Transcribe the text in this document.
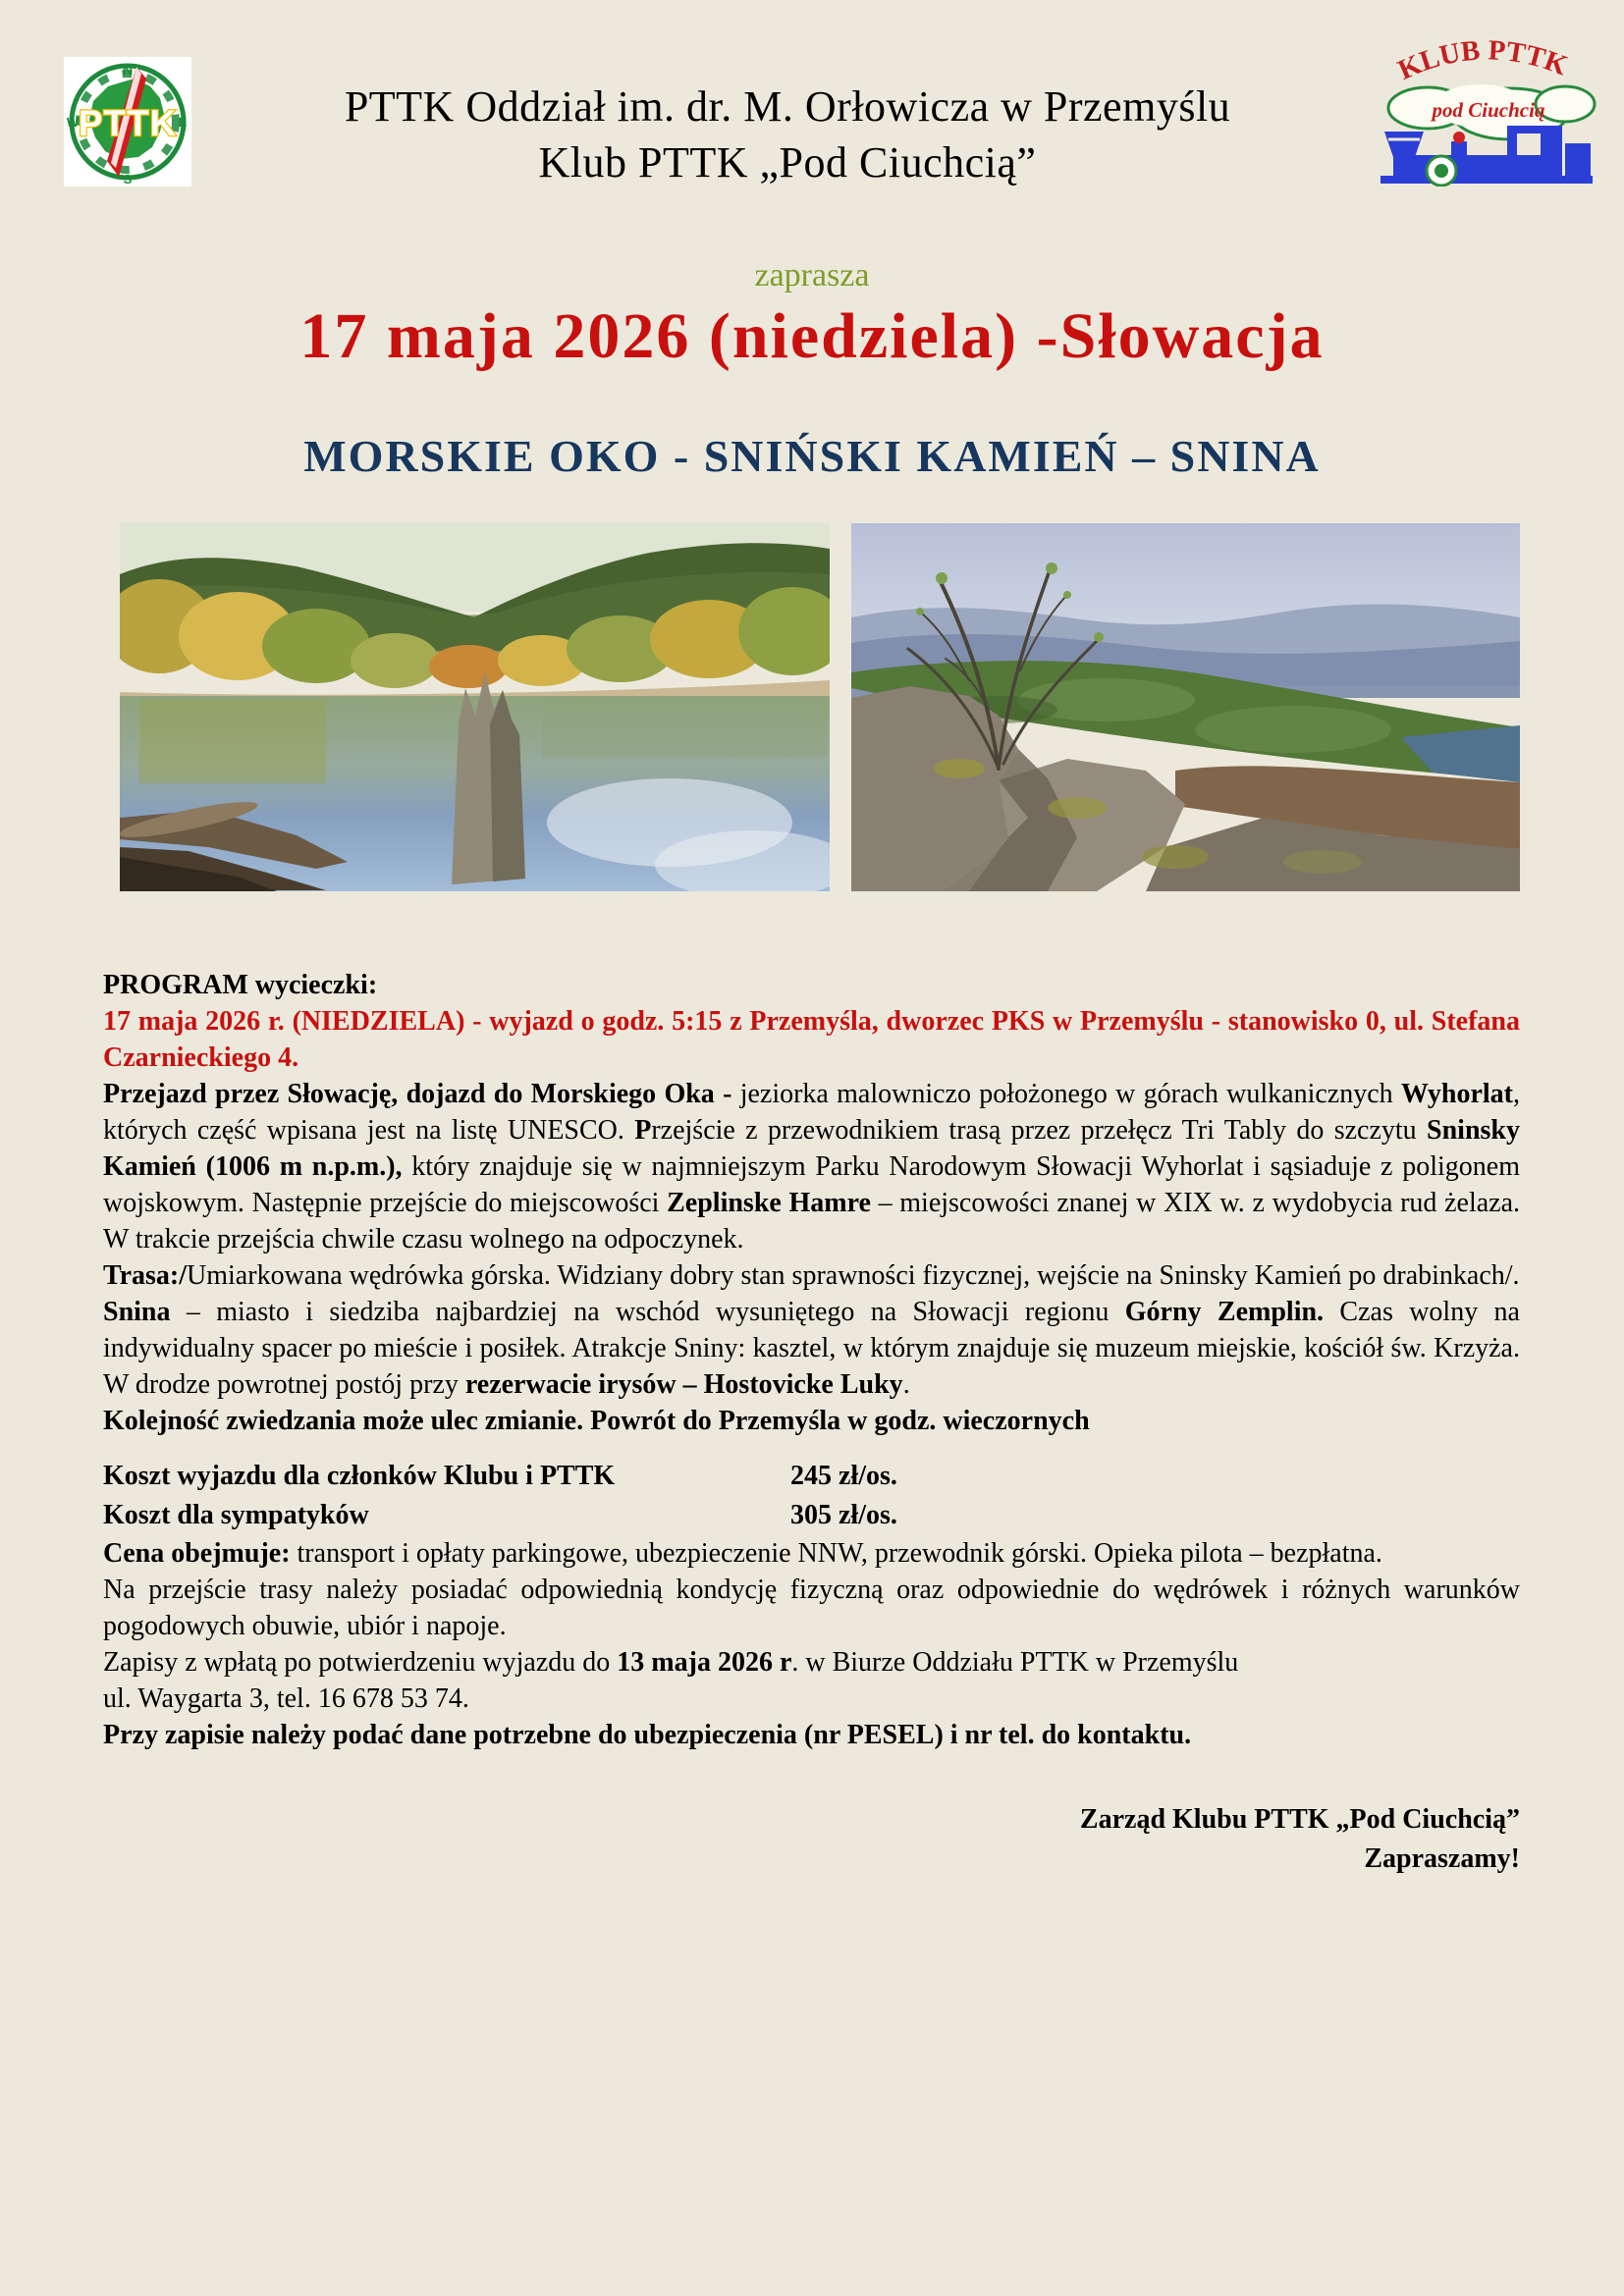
N
E
S
W PTTK
KLUB PTTK
pod Ciuchcią
PTTK Oddział im. dr. M. Orłowicza w Przemyślu
Klub PTTK „Pod Ciuchcią”
zaprasza
17 maja 2026 (niedziela) -Słowacja
MORSKIE OKO - SNIŃSKI KAMIEŃ – SNINA

PROGRAM wycieczki:

17 maja 2026 r. (NIEDZIELA) - wyjazd o godz. 5:15 z Przemyśla, dworzec PKS w Przemyślu - stanowisko 0, ul. Stefana Czarnieckiego 4.

Przejazd przez Słowację, dojazd do Morskiego Oka - jeziorka malowniczo położonego w górach wulkanicznych Wyhorlat, których część wpisana jest na listę UNESCO. Przejście z przewodnikiem trasą przez przełęcz Tri Tably do szczytu Sninsky Kamień (1006 m n.p.m.), który znajduje się w najmniejszym Parku Narodowym Słowacji Wyhorlat i sąsiaduje z poligonem wojskowym. Następnie przejście do miejscowości Zeplinske Hamre – miejscowości znanej w XIX w. z wydobycia rud żelaza. W trakcie przejścia chwile czasu wolnego na odpoczynek.

Trasa:/Umiarkowana wędrówka górska. Widziany dobry stan sprawności fizycznej, wejście na Sninsky Kamień po drabinkach/.

Snina – miasto i siedziba najbardziej na wschód wysuniętego na Słowacji regionu Górny Zemplin. Czas wolny na indywidualny spacer po mieście i posiłek. Atrakcje Sniny: kasztel, w którym znajduje się muzeum miejskie, kościół św. Krzyża. W drodze powrotnej postój przy rezerwacie irysów – Hostovicke Luky.

Kolejność zwiedzania może ulec zmianie. Powrót do Przemyśla w godz. wieczornych

Koszt wyjazdu dla członków Klubu i PTTK	245 zł/os.
Koszt dla sympatyków	305 zł/os.

Cena obejmuje: transport i opłaty parkingowe, ubezpieczenie NNW, przewodnik górski. Opieka pilota – bezpłatna.

Na przejście trasy należy posiadać odpowiednią kondycję fizyczną oraz odpowiednie do wędrówek i różnych warunków pogodowych obuwie, ubiór i napoje.

Zapisy z wpłatą po potwierdzeniu wyjazdu do 13 maja 2026 r. w Biurze Oddziału PTTK w Przemyślu
ul. Waygarta 3, tel. 16 678 53 74.
Przy zapisie należy podać dane potrzebne do ubezpieczenia (nr PESEL) i nr tel. do kontaktu.

Zarząd Klubu PTTK „Pod Ciuchcią”
Zapraszamy!
